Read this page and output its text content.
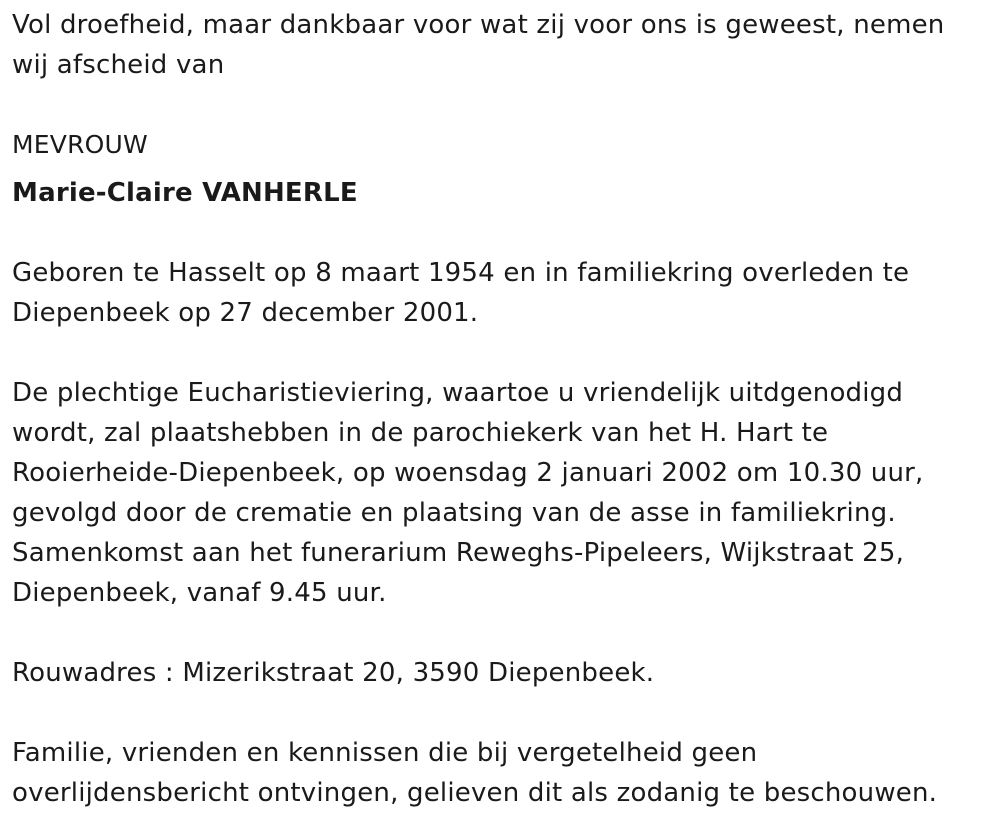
Vol droefheid, maar dankbaar voor wat zij voor ons is geweest, nemen wij afscheid van

MEVROUW

Marie-Claire VANHERLE

Geboren te Hasselt op 8 maart 1954 en in familiekring overleden te Diepenbeek op 27 december 2001.

De plechtige Eucharistieviering, waartoe u vriendelijk uitdgenodigd wordt, zal plaatshebben in de parochiekerk van het H. Hart te Rooierheide-Diepenbeek, op woensdag 2 januari 2002 om 10.30 uur, gevolgd door de crematie en plaatsing van de asse in familiekring. Samenkomst aan het funerarium Reweghs-Pipeleers, Wijkstraat 25, Diepenbeek, vanaf 9.45 uur.

Rouwadres : Mizerikstraat 20, 3590 Diepenbeek.

Familie, vrienden en kennissen die bij vergetelheid geen overlijdensbericht ontvingen, gelieven dit als zodanig te beschouwen.
